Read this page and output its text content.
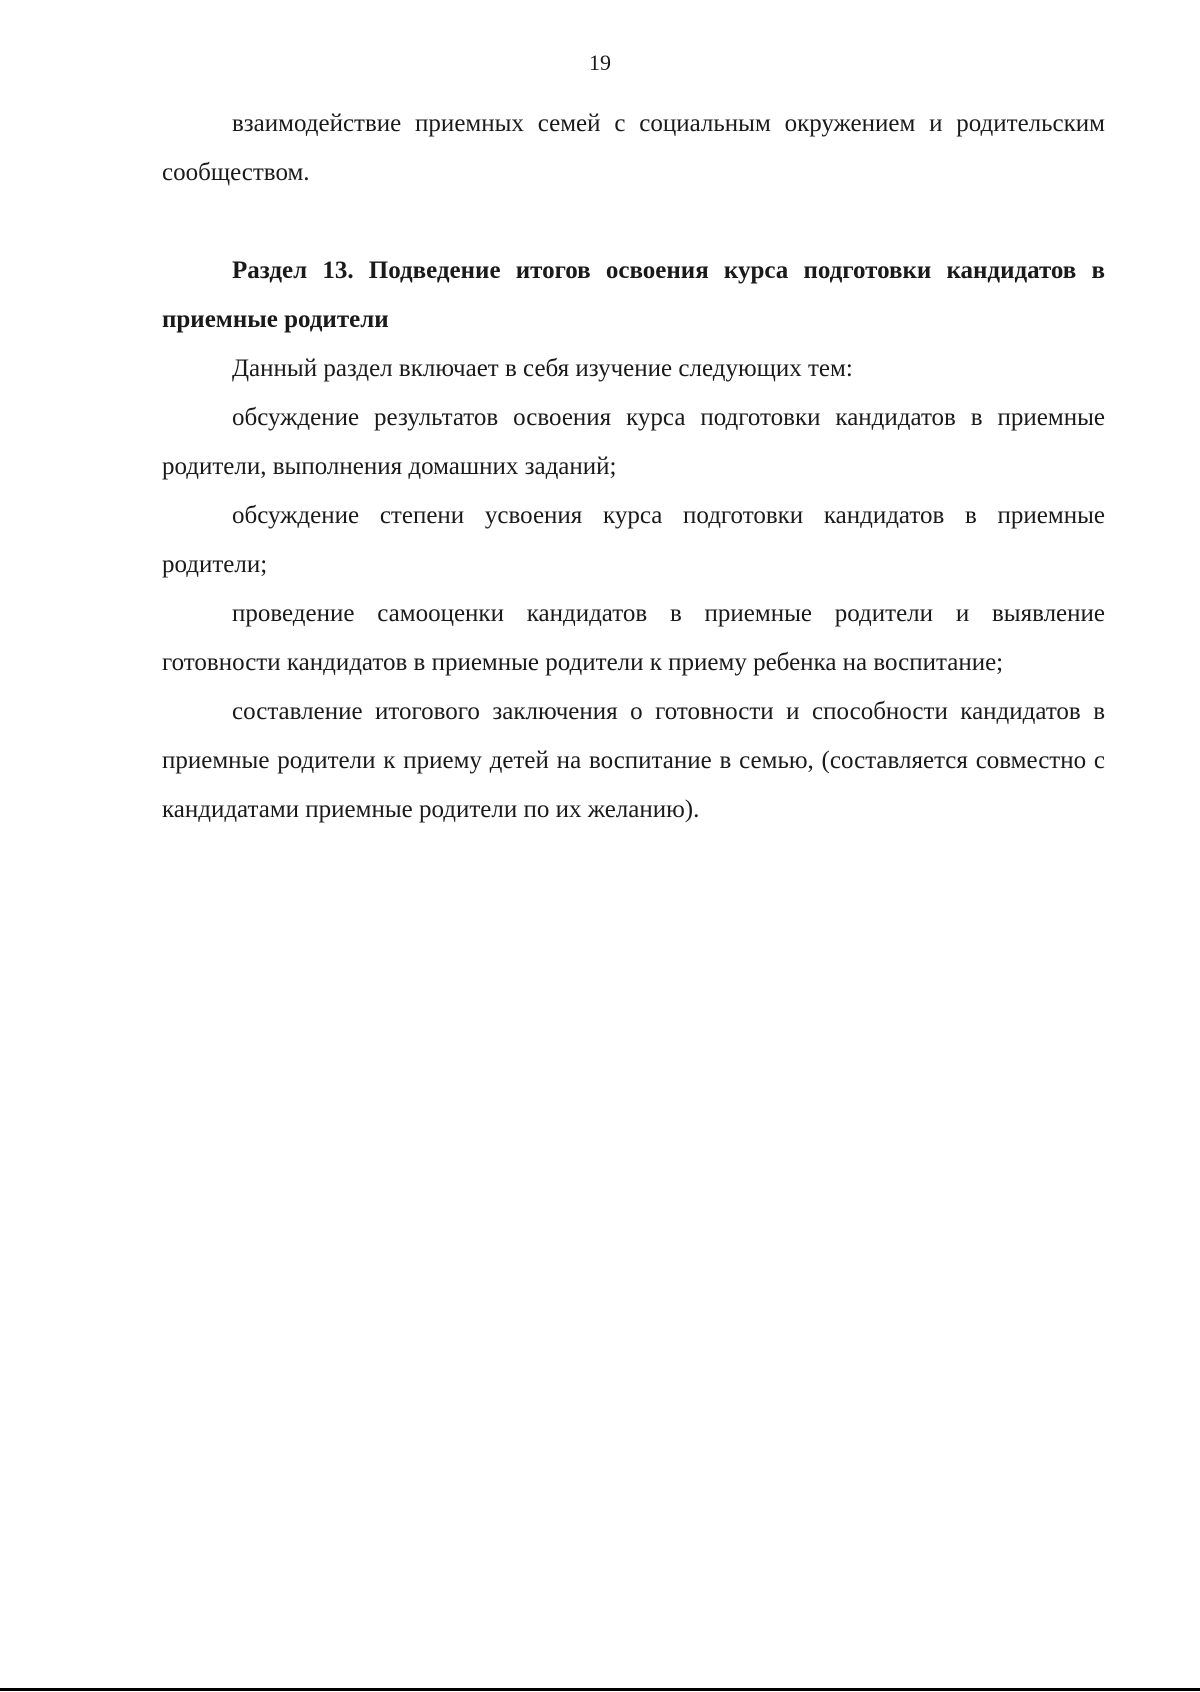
19

взаимодействие приемных семей с социальным окружением и родительским сообществом.

Раздел 13. Подведение итогов освоения курса подготовки кандидатов в приемные родители

Данный раздел включает в себя изучение следующих тем:

обсуждение результатов освоения курса подготовки кандидатов в приемные родители, выполнения домашних заданий;

обсуждение степени усвоения курса подготовки кандидатов в приемные родители;

проведение самооценки кандидатов в приемные родители и выявление готовности кандидатов в приемные родители к приему ребенка на воспитание;

составление итогового заключения о готовности и способности кандидатов в приемные родители к приему детей на воспитание в семью, (составляется совместно с кандидатами приемные родители по их желанию).
